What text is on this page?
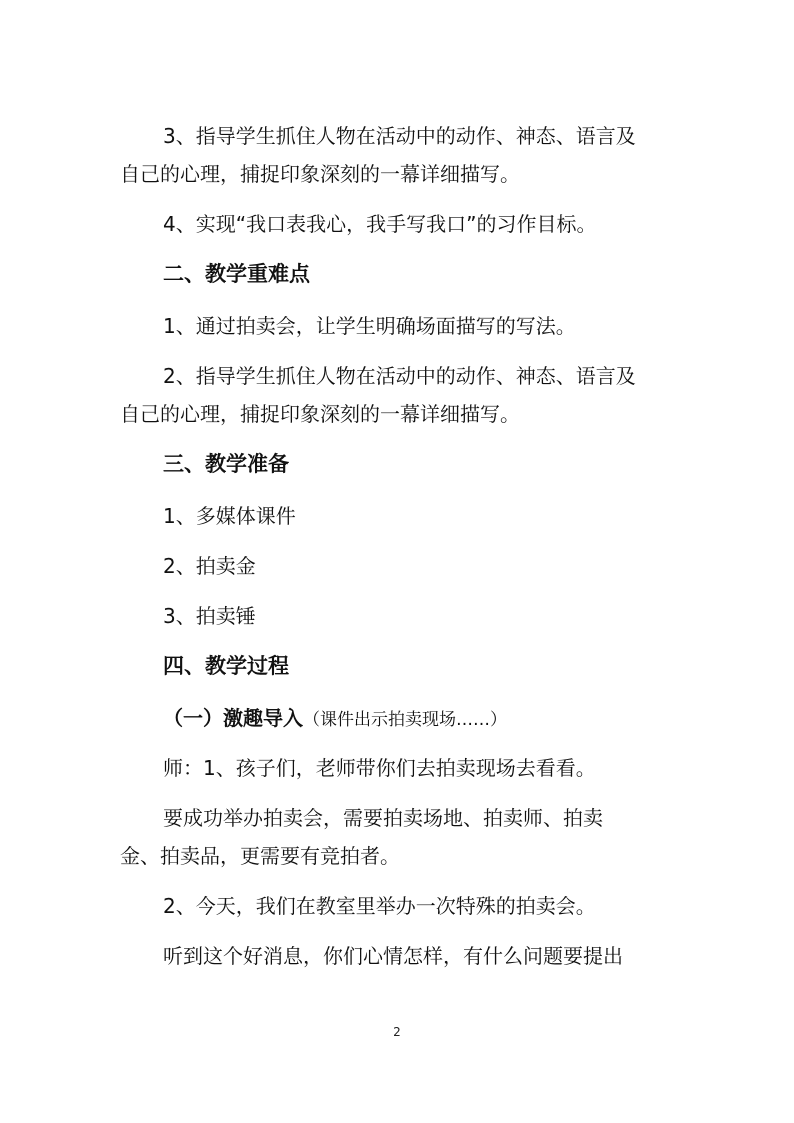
3、指导学生抓住人物在活动中的动作、神态、语言及
自己的心理，捕捉印象深刻的一幕详细描写。
4、实现“我口表我心，我手写我口”的习作目标。
二、教学重难点
1、通过拍卖会，让学生明确场面描写的写法。
2、指导学生抓住人物在活动中的动作、神态、语言及
自己的心理，捕捉印象深刻的一幕详细描写。
三、教学准备
1、多媒体课件
2、拍卖金
3、拍卖锤
四、教学过程
（一）激趣导入（课件出示拍卖现场……）
师：1、孩子们，老师带你们去拍卖现场去看看。
要成功举办拍卖会，需要拍卖场地、拍卖师、拍卖
金、拍卖品，更需要有竞拍者。
2、今天，我们在教室里举办一次特殊的拍卖会。
听到这个好消息，你们心情怎样，有什么问题要提出
2
